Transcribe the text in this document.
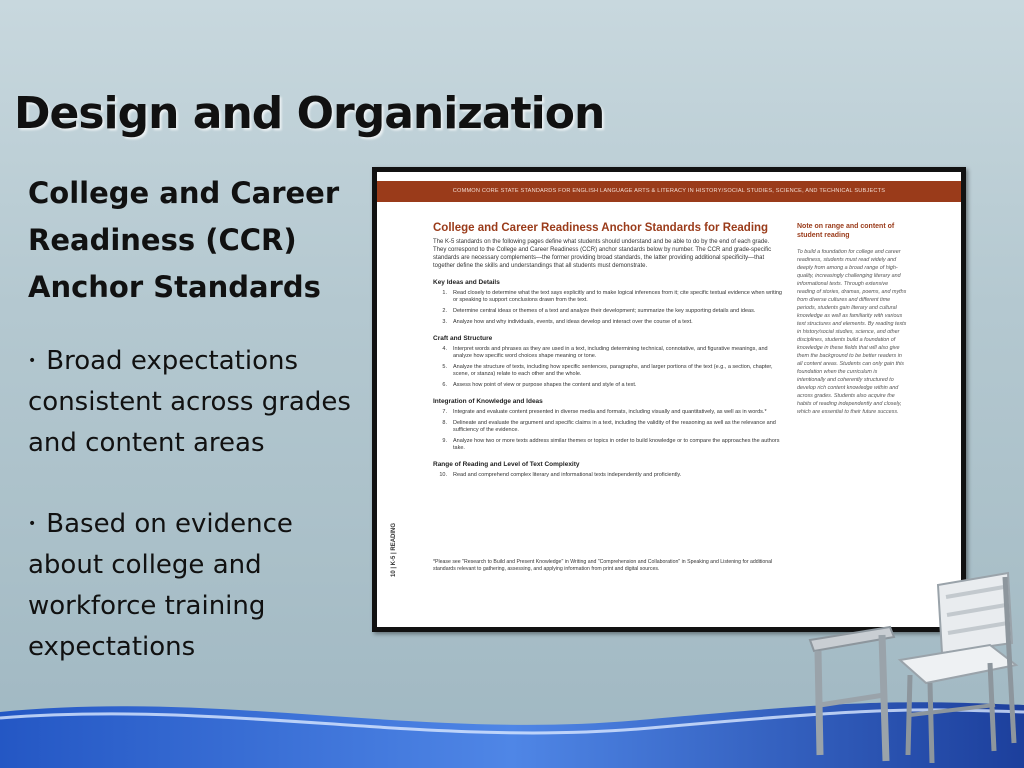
Design and Organization

College and Career Readiness (CCR) Anchor Standards

• Broad expectations consistent across grades and content areas

• Based on evidence about college and workforce training expectations

COMMON CORE STATE STANDARDS FOR ENGLISH LANGUAGE ARTS & LITERACY IN HISTORY/SOCIAL STUDIES, SCIENCE, AND TECHNICAL SUBJECTS

College and Career Readiness Anchor Standards for Reading

The K-5 standards on the following pages define what students should understand and be able to do by the end of each grade. They correspond to the College and Career Readiness (CCR) anchor standards below by number. The CCR and grade-specific standards are necessary complements—the former providing broad standards, the latter providing additional specificity—that together define the skills and understandings that all students must demonstrate.

Key Ideas and Details

1. Read closely to determine what the text says explicitly and to make logical inferences from it; cite specific textual evidence when writing or speaking to support conclusions drawn from the text.
2. Determine central ideas or themes of a text and analyze their development; summarize the key supporting details and ideas.
3. Analyze how and why individuals, events, and ideas develop and interact over the course of a text.

Craft and Structure

4. Interpret words and phrases as they are used in a text, including determining technical, connotative, and figurative meanings, and analyze how specific word choices shape meaning or tone.
5. Analyze the structure of texts, including how specific sentences, paragraphs, and larger portions of the text (e.g., a section, chapter, scene, or stanza) relate to each other and the whole.
6. Assess how point of view or purpose shapes the content and style of a text.

Integration of Knowledge and Ideas

7. Integrate and evaluate content presented in diverse media and formats, including visually and quantitatively, as well as in words.*
8. Delineate and evaluate the argument and specific claims in a text, including the validity of the reasoning as well as the relevance and sufficiency of the evidence.
9. Analyze how two or more texts address similar themes or topics in order to build knowledge or to compare the approaches the authors take.

Range of Reading and Level of Text Complexity

10. Read and comprehend complex literary and informational texts independently and proficiently.

*Please see "Research to Build and Present Knowledge" in Writing and "Comprehension and Collaboration" in Speaking and Listening for additional standards relevant to gathering, assessing, and applying information from print and digital sources.

Note on range and content of student reading

To build a foundation for college and career readiness, students must read widely and deeply from among a broad range of high-quality, increasingly challenging literary and informational texts. Through extensive reading of stories, dramas, poems, and myths from diverse cultures and different time periods, students gain literary and cultural knowledge as well as familiarity with various text structures and elements. By reading texts in history/social studies, science, and other disciplines, students build a foundation of knowledge in these fields that will also give them the background to be better readers in all content areas. Students can only gain this foundation when the curriculum is intentionally and coherently structured to develop rich content knowledge within and across grades. Students also acquire the habits of reading independently and closely, which are essential to their future success.

10 | K-5 | READING
